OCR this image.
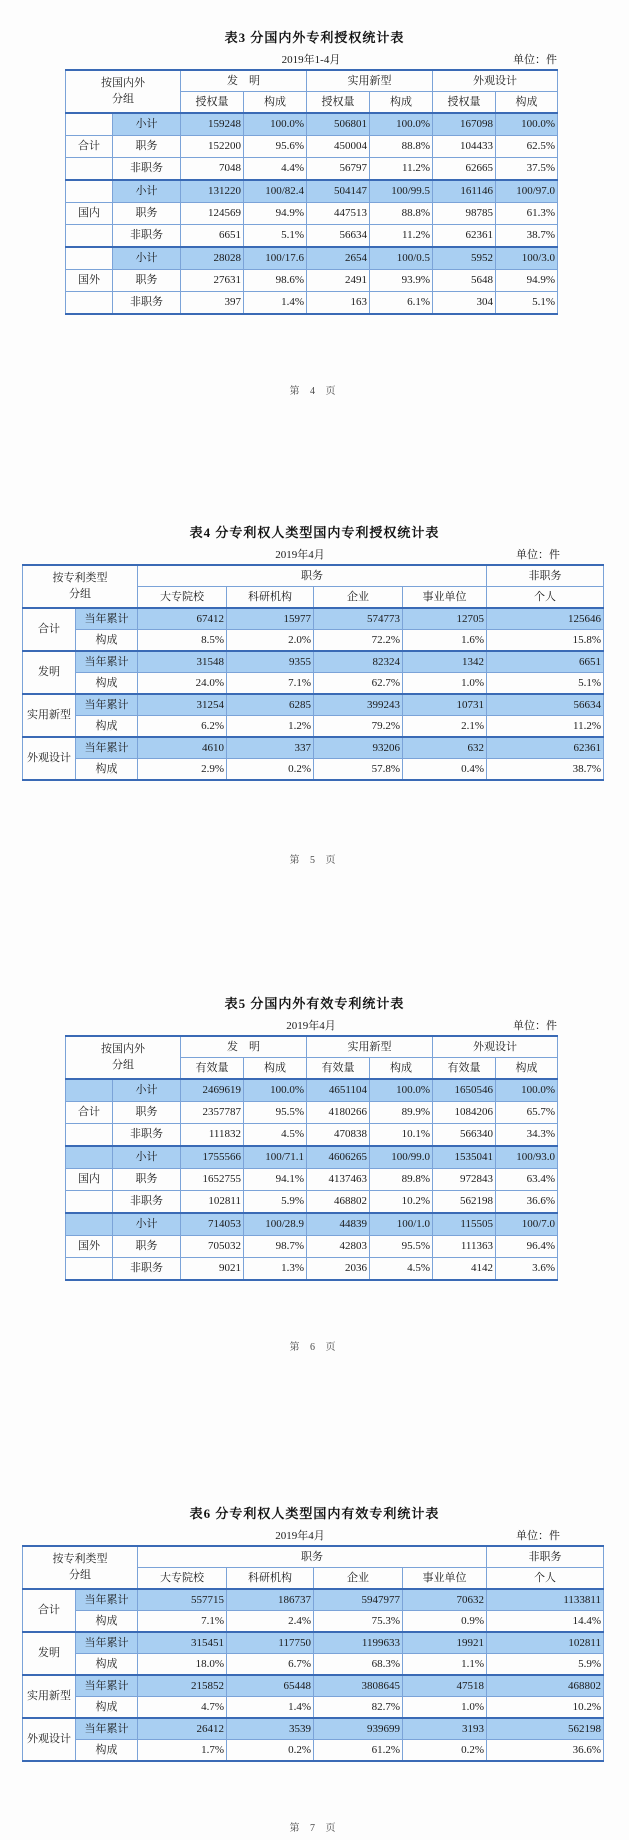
表3 分国内外专利授权统计表
2019年1-4月	单位：件
按国内外
分组		发　明		实用新型		外观设计	
		授权量	构成	授权量	构成	授权量	构成
	小计	159248	100.0%	506801	100.0%	167098	100.0%
合计	职务	152200	95.6%	450004	88.8%	104433	62.5%
	非职务	7048	4.4%	56797	11.2%	62665	37.5%
	小计	131220	100/82.4	504147	100/99.5	161146	100/97.0
国内	职务	124569	94.9%	447513	88.8%	98785	61.3%
	非职务	6651	5.1%	56634	11.2%	62361	38.7%
	小计	28028	100/17.6	2654	100/0.5	5952	100/3.0
国外	职务	27631	98.6%	2491	93.9%	5648	94.9%
	非职务	397	1.4%	163	6.1%	304	5.1%
表4 分专利权人类型国内专利授权统计表
2019年4月	单位：件
按专利类型
分组		职务				非职务
		大专院校	科研机构	企业	事业单位	个人
合计	当年累计	67412	15977	574773	12705	125646
	构成	8.5%	2.0%	72.2%	1.6%	15.8%
发明	当年累计	31548	9355	82324	1342	6651
	构成	24.0%	7.1%	62.7%	1.0%	5.1%
实用新型	当年累计	31254	6285	399243	10731	56634
	构成	6.2%	1.2%	79.2%	2.1%	11.2%
外观设计	当年累计	4610	337	93206	632	62361
	构成	2.9%	0.2%	57.8%	0.4%	38.7%
表5 分国内外有效专利统计表
2019年4月	单位：件
按国内外
分组		发　明		实用新型		外观设计	
		有效量	构成	有效量	构成	有效量	构成
	小计	2469619	100.0%	4651104	100.0%	1650546	100.0%
合计	职务	2357787	95.5%	4180266	89.9%	1084206	65.7%
	非职务	111832	4.5%	470838	10.1%	566340	34.3%
	小计	1755566	100/71.1	4606265	100/99.0	1535041	100/93.0
国内	职务	1652755	94.1%	4137463	89.8%	972843	63.4%
	非职务	102811	5.9%	468802	10.2%	562198	36.6%
	小计	714053	100/28.9	44839	100/1.0	115505	100/7.0
国外	职务	705032	98.7%	42803	95.5%	111363	96.4%
	非职务	9021	1.3%	2036	4.5%	4142	3.6%
表6 分专利权人类型国内有效专利统计表
2019年4月	单位：件
按专利类型
分组		职务				非职务
		大专院校	科研机构	企业	事业单位	个人
合计	当年累计	557715	186737	5947977	70632	1133811
	构成	7.1%	2.4%	75.3%	0.9%	14.4%
发明	当年累计	315451	117750	1199633	19921	102811
	构成	18.0%	6.7%	68.3%	1.1%	5.9%
实用新型	当年累计	215852	65448	3808645	47518	468802
	构成	4.7%	1.4%	82.7%	1.0%	10.2%
外观设计	当年累计	26412	3539	939699	3193	562198
	构成	1.7%	0.2%	61.2%	0.2%	36.6%
第 4 页
第 5 页
第 6 页
第 7 页
